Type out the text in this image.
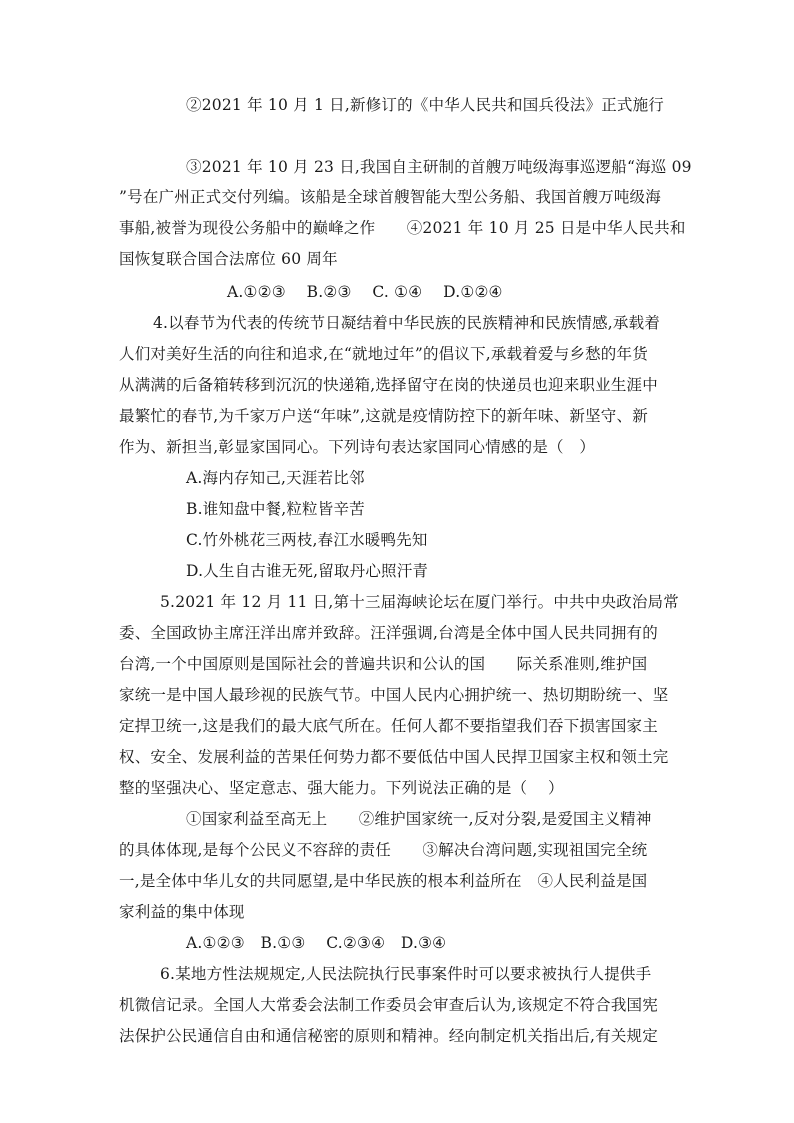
②2021 年 10 月 1 日,新修订的《中华人民共和国兵役法》正式施行
③2021 年 10 月 23 日,我国自主研制的首艘万吨级海事巡逻船“海巡 09
”号在广州正式交付列编。该船是全球首艘智能大型公务船、我国首艘万吨级海
事船,被誉为现役公务船中的巅峰之作　　④2021 年 10 月 25 日是中华人民共和
国恢复联合国合法席位 60 周年
A.①②③　 B.②③　 C. ①④　 D.①②④
4.以春节为代表的传统节日凝结着中华民族的民族精神和民族情感,承载着
人们对美好生活的向往和追求,在“就地过年”的倡议下,承载着爱与乡愁的年货
从满满的后备箱转移到沉沉的快递箱,选择留守在岗的快递员也迎来职业生涯中
最繁忙的春节,为千家万户送“年味”,这就是疫情防控下的新年味、新坚守、新
作为、新担当,彰显家国同心。下列诗句表达家国同心情感的是（　）
A.海内存知己,天涯若比邻
B.谁知盘中餐,粒粒皆辛苦
C.竹外桃花三两枝,春江水暖鸭先知
D.人生自古谁无死,留取丹心照汗青
5.2021 年 12 月 11 日,第十三届海峡论坛在厦门举行。中共中央政治局常
委、全国政协主席汪洋出席并致辞。汪洋强调,台湾是全体中国人民共同拥有的
台湾,一个中国原则是国际社会的普遍共识和公认的国　　际关系准则,维护国
家统一是中国人最珍视的民族气节。中国人民内心拥护统一、热切期盼统一、坚
定捍卫统一,这是我们的最大底气所在。任何人都不要指望我们吞下损害国家主
权、安全、发展利益的苦果任何势力都不要低估中国人民捍卫国家主权和领土完
整的坚强决心、坚定意志、强大能力。下列说法正确的是（　 ）
①国家利益至高无上　　②维护国家统一,反对分裂,是爱国主义精神
的具体体现,是每个公民义不容辞的责任　　③解决台湾问题,实现祖国完全统
一,是全体中华儿女的共同愿望,是中华民族的根本利益所在　④人民利益是国
家利益的集中体现
A.①②③　B.①③　 C.②③④　D.③④
6.某地方性法规规定,人民法院执行民事案件时可以要求被执行人提供手
机微信记录。全国人大常委会法制工作委员会审查后认为,该规定不符合我国宪
法保护公民通信自由和通信秘密的原则和精神。经向制定机关指出后,有关规定
